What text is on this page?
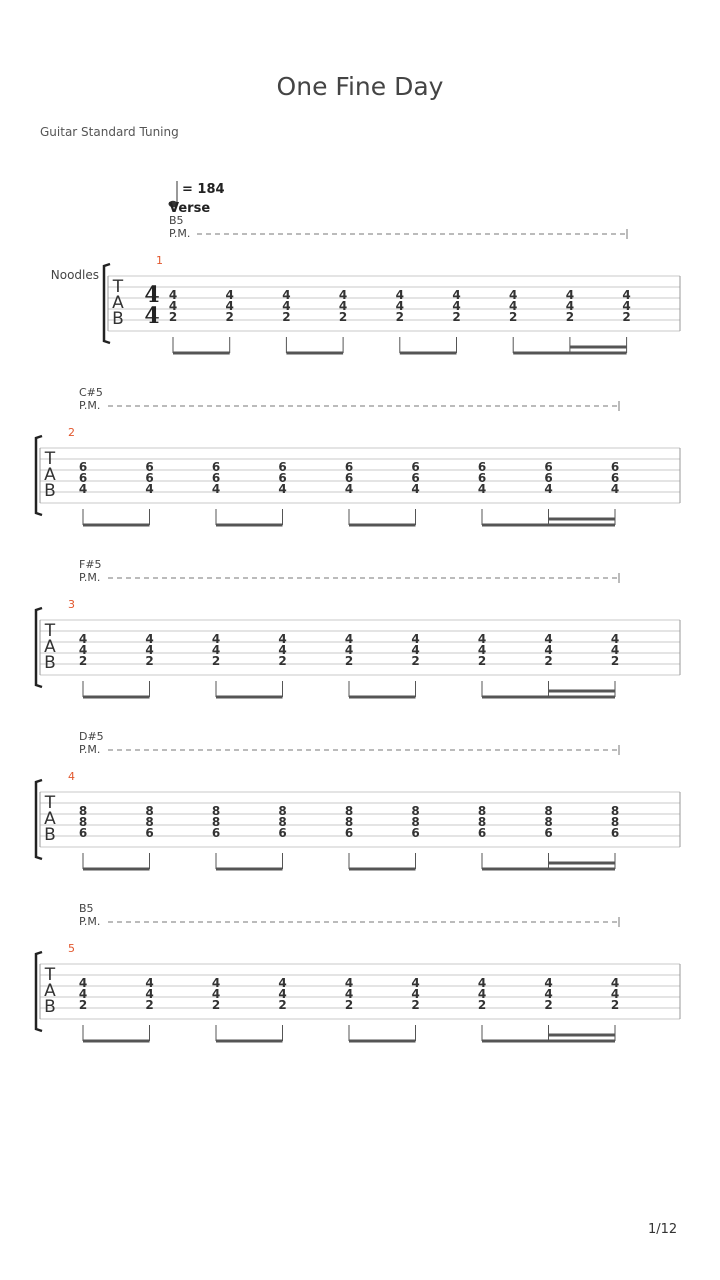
One Fine Day
Guitar Standard Tuning
1/12
T
A
B
1
B5
P.M.
= 184
Verse
4
4
Noodles
4
4
2
4
4
2
4
4
2
4
4
2
4
4
2
4
4
2
4
4
2
4
4
2
4
4
2
T
A
B
2
C#5
P.M.
6
6
4
6
6
4
6
6
4
6
6
4
6
6
4
6
6
4
6
6
4
6
6
4
6
6
4
T
A
B
3
F#5
P.M.
4
4
2
4
4
2
4
4
2
4
4
2
4
4
2
4
4
2
4
4
2
4
4
2
4
4
2
T
A
B
4
D#5
P.M.
8
8
6
8
8
6
8
8
6
8
8
6
8
8
6
8
8
6
8
8
6
8
8
6
8
8
6
T
A
B
5
B5
P.M.
4
4
2
4
4
2
4
4
2
4
4
2
4
4
2
4
4
2
4
4
2
4
4
2
4
4
2
